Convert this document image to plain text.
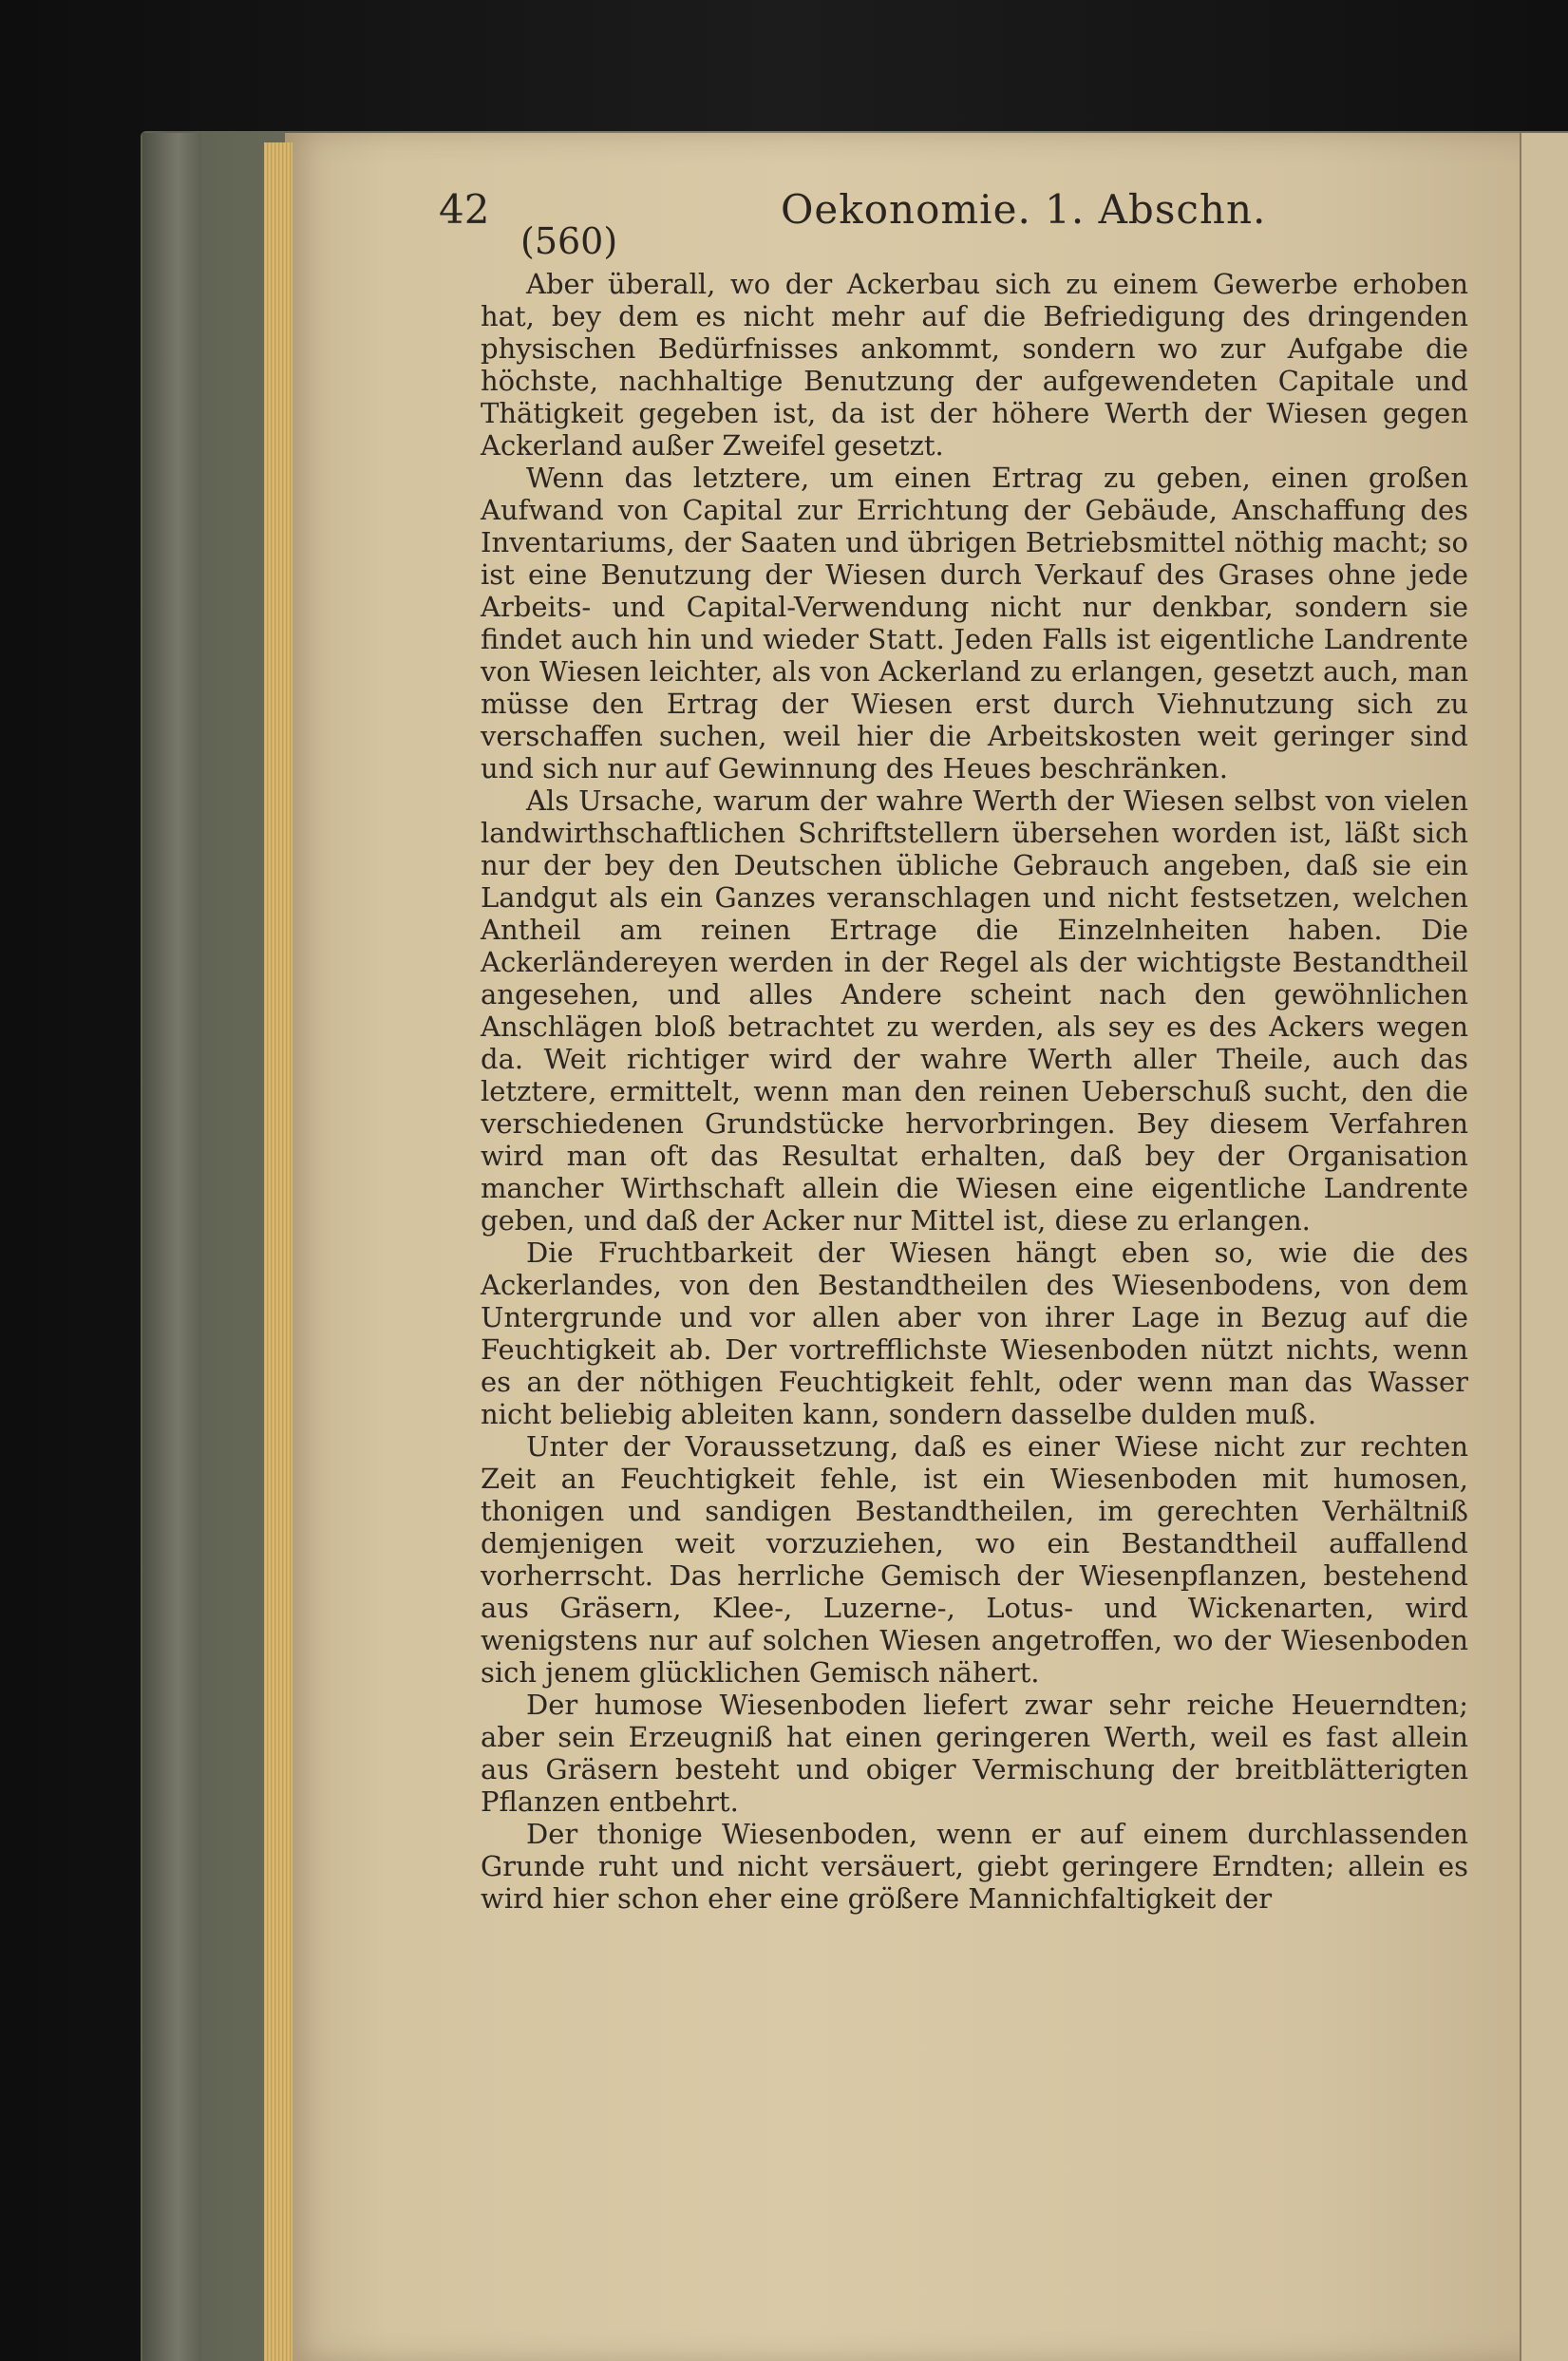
42	Oekonomie. 1. Abschn.
(560)

Aber überall, wo der Ackerbau sich zu einem Gewerbe erhoben hat, bey dem es nicht mehr auf die Befriedigung des dringenden physischen Bedürfnisses ankommt, sondern wo zur Aufgabe die höchste, nachhaltige Benutzung der aufgewendeten Capitale und Thätigkeit gegeben ist, da ist der höhere Werth der Wiesen gegen Ackerland außer Zweifel gesetzt.

Wenn das letztere, um einen Ertrag zu geben, einen großen Aufwand von Capital zur Errichtung der Gebäude, Anschaffung des Inventariums, der Saaten und übrigen Betriebsmittel nöthig macht; so ist eine Benutzung der Wiesen durch Verkauf des Grases ohne jede Arbeits- und Capital-Verwendung nicht nur denkbar, sondern sie findet auch hin und wieder Statt. Jeden Falls ist eigentliche Landrente von Wiesen leichter, als von Ackerland zu erlangen, gesetzt auch, man müsse den Ertrag der Wiesen erst durch Viehnutzung sich zu verschaffen suchen, weil hier die Arbeitskosten weit geringer sind und sich nur auf Gewinnung des Heues beschränken.

Als Ursache, warum der wahre Werth der Wiesen selbst von vielen landwirthschaftlichen Schriftstellern übersehen worden ist, läßt sich nur der bey den Deutschen übliche Gebrauch angeben, daß sie ein Landgut als ein Ganzes veranschlagen und nicht festsetzen, welchen Antheil am reinen Ertrage die Einzelnheiten haben. Die Ackerländereyen werden in der Regel als der wichtigste Bestandtheil angesehen, und alles Andere scheint nach den gewöhnlichen Anschlägen bloß betrachtet zu werden, als sey es des Ackers wegen da. Weit richtiger wird der wahre Werth aller Theile, auch das letztere, ermittelt, wenn man den reinen Ueberschuß sucht, den die verschiedenen Grundstücke hervorbringen. Bey diesem Verfahren wird man oft das Resultat erhalten, daß bey der Organisation mancher Wirthschaft allein die Wiesen eine eigentliche Landrente geben, und daß der Acker nur Mittel ist, diese zu erlangen.

Die Fruchtbarkeit der Wiesen hängt eben so, wie die des Ackerlandes, von den Bestandtheilen des Wiesenbodens, von dem Untergrunde und vor allen aber von ihrer Lage in Bezug auf die Feuchtigkeit ab. Der vortrefflichste Wiesenboden nützt nichts, wenn es an der nöthigen Feuchtigkeit fehlt, oder wenn man das Wasser nicht beliebig ableiten kann, sondern dasselbe dulden muß.

Unter der Voraussetzung, daß es einer Wiese nicht zur rechten Zeit an Feuchtigkeit fehle, ist ein Wiesenboden mit humosen, thonigen und sandigen Bestandtheilen, im gerechten Verhältniß demjenigen weit vorzuziehen, wo ein Bestandtheil auffallend vorherrscht. Das herrliche Gemisch der Wiesenpflanzen, bestehend aus Gräsern, Klee-, Luzerne-, Lotus- und Wickenarten, wird wenigstens nur auf solchen Wiesen angetroffen, wo der Wiesenboden sich jenem glücklichen Gemisch nähert.

Der humose Wiesenboden liefert zwar sehr reiche Heuerndten; aber sein Erzeugniß hat einen geringeren Werth, weil es fast allein aus Gräsern besteht und obiger Vermischung der breitblätterigten Pflanzen entbehrt.

Der thonige Wiesenboden, wenn er auf einem durchlassenden Grunde ruht und nicht versäuert, giebt geringere Erndten; allein es wird hier schon eher eine größere Mannichfaltigkeit der
